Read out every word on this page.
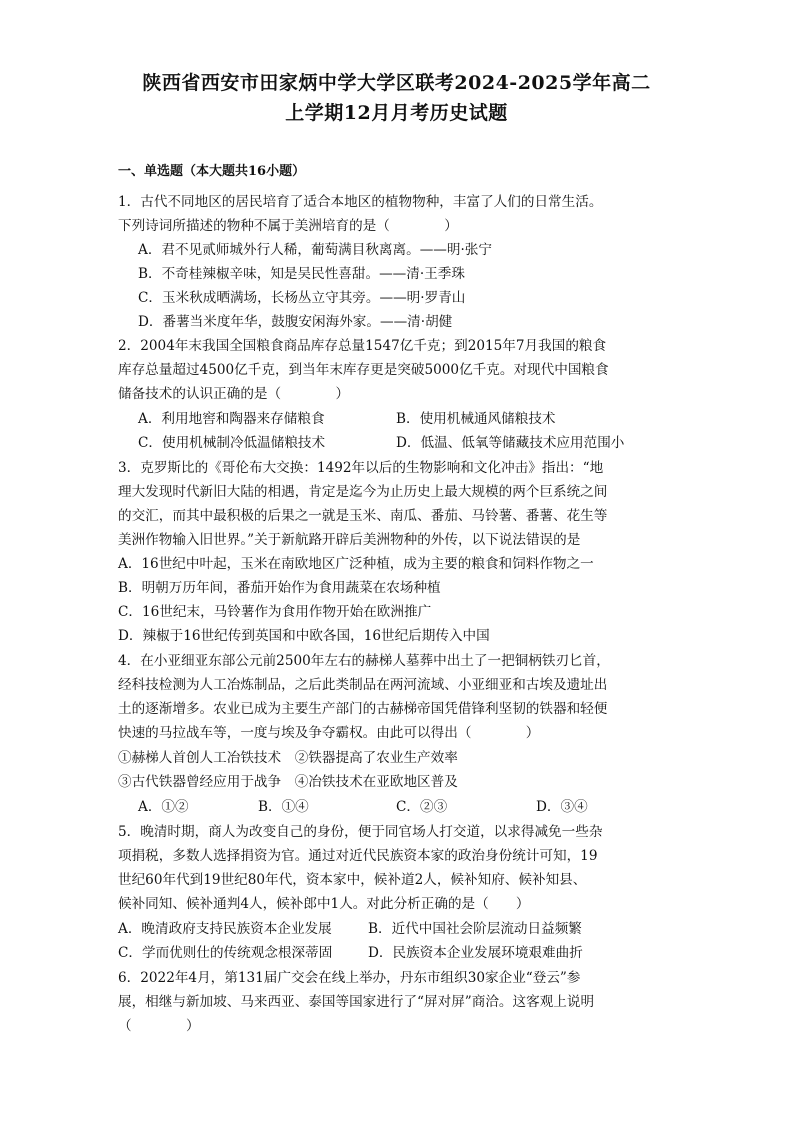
陕西省西安市田家炳中学大学区联考2024-2025学年高二
上学期12月月考历史试题
一、单选题（本大题共16小题）
1．古代不同地区的居民培育了适合本地区的植物物种，丰富了人们的日常生活。
下列诗词所描述的物种不属于美洲培育的是（　　　　）
A．君不见贰师城外行人稀，葡萄满目秋离离。——明·张宁
B．不奇桂辣椒辛味，知是吴民性喜甜。——清·王季珠
C．玉米秋成晒满场，长杨丛立守其旁。——明·罗青山
D．番薯当米度年华，鼓腹安闲海外家。——清·胡健
2．2004年末我国全国粮食商品库存总量1547亿千克；到2015年7月我国的粮食
库存总量超过4500亿千克，到当年末库存更是突破5000亿千克。对现代中国粮食
储备技术的认识正确的是（　　　　）
A．利用地窖和陶器来存储粮食	B．使用机械通风储粮技术
C．使用机械制冷低温储粮技术	D．低温、低氧等储藏技术应用范围小
3．克罗斯比的《哥伦布大交换：1492年以后的生物影响和文化冲击》指出：“地
理大发现时代新旧大陆的相遇，肯定是迄今为止历史上最大规模的两个巨系统之间
的交汇，而其中最积极的后果之一就是玉米、南瓜、番茄、马铃薯、番薯、花生等
美洲作物输入旧世界。”关于新航路开辟后美洲物种的外传，以下说法错误的是
A．16世纪中叶起，玉米在南欧地区广泛种植，成为主要的粮食和饲料作物之一
B．明朝万历年间，番茄开始作为食用蔬菜在农场种植
C．16世纪末，马铃薯作为食用作物开始在欧洲推广
D．辣椒于16世纪传到英国和中欧各国，16世纪后期传入中国
4．在小亚细亚东部公元前2500年左右的赫梯人墓葬中出土了一把铜柄铁刃匕首，
经科技检测为人工冶炼制品，之后此类制品在两河流域、小亚细亚和古埃及遗址出
土的逐渐增多。农业已成为主要生产部门的古赫梯帝国凭借锋利坚韧的铁器和轻便
快速的马拉战车等，一度与埃及争夺霸权。由此可以得出（　　　　）
①赫梯人首创人工冶铁技术　②铁器提高了农业生产效率
③古代铁器曾经应用于战争　④冶铁技术在亚欧地区普及
A．①②	B．①④	C．②③	D．③④
5．晚清时期，商人为改变自己的身份，便于同官场人打交道，以求得减免一些杂
项捐税，多数人选择捐资为官。通过对近代民族资本家的政治身份统计可知，19
世纪60年代到19世纪80年代，资本家中，候补道2人，候补知府、候补知县、
候补同知、候补通判4人，候补郎中1人。对此分析正确的是（　　）
A．晚清政府支持民族资本企业发展	B．近代中国社会阶层流动日益频繁
C．学而优则仕的传统观念根深蒂固	D．民族资本企业发展环境艰难曲折
6．2022年4月，第131届广交会在线上举办，丹东市组织30家企业“登云”参
展，相继与新加坡、马来西亚、泰国等国家进行了“屏对屏”商洽。这客观上说明
（　　　　）
